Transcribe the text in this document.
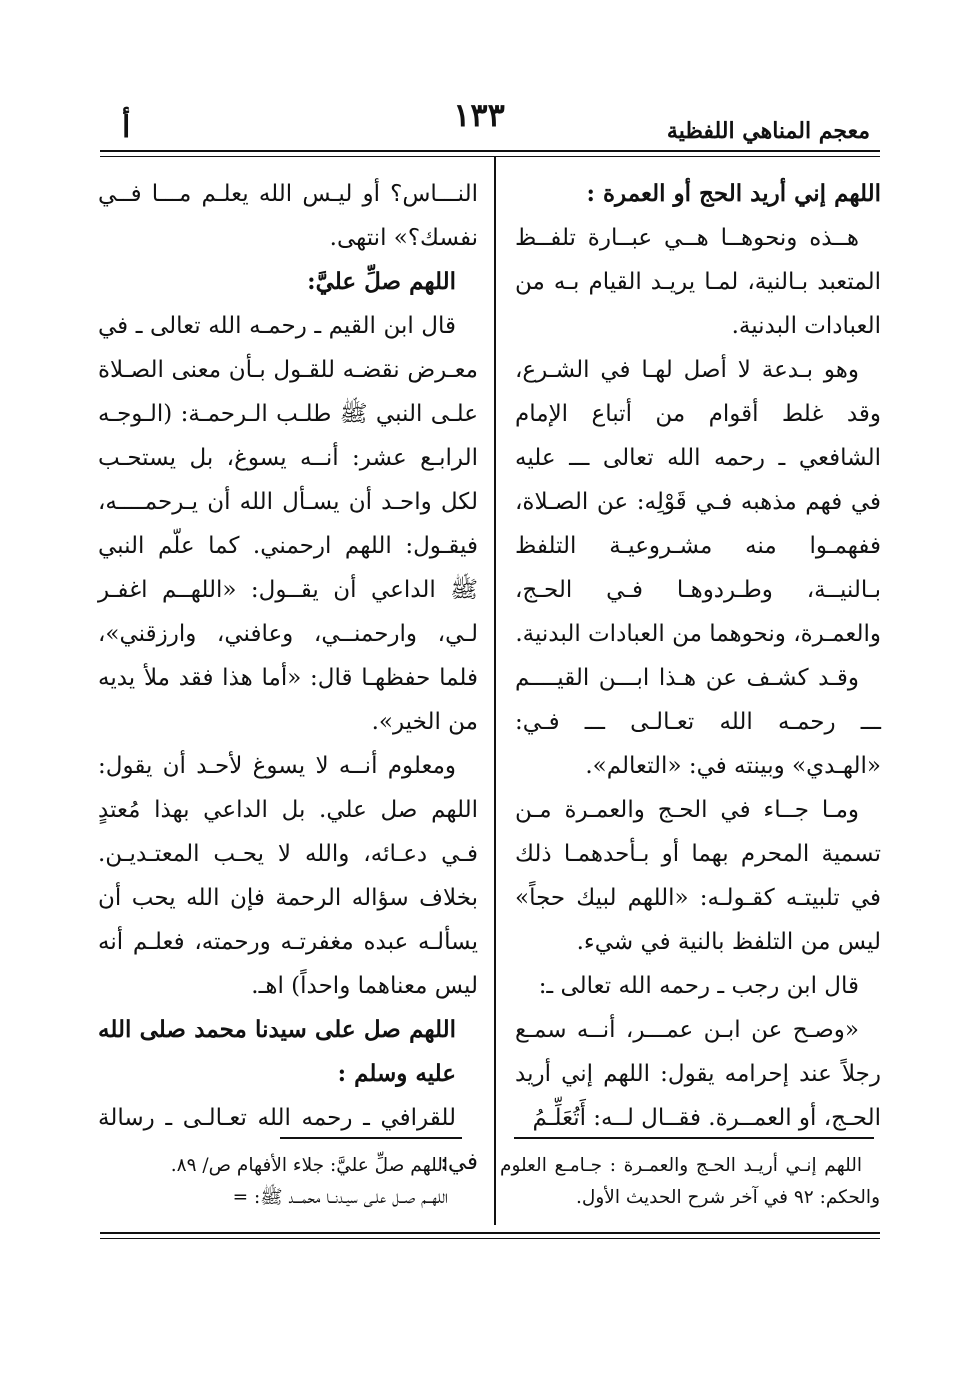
معجم المناهي اللفظية
١٣٣
أ

اللهم إني أريد الحج أو العمرة :

هــذه ونحوهــا هــي عبــارة تلفــظ المتعبد بـالنية، لمـا يريـد القيام بـه من العبادات البدنية.

وهو بـدعة لا أصل لهـا في الشـرع، وقد غلط أقوام من أتباع الإمام الشافعي ـ رحمه الله تعالى ـــ عليه في فهم مذهبه فـي قَوْلِه: عن الصـلاة، ففهمـوا منه مشـروعيـة التلفظ بـالنيــة، وطـردوهـا فـي الحـج، والعمـرة، ونحوهما من العبادات البدنية.

وقـد كشـف عن هـذا ابـــن القيــــم ـــ رحمـه الله تعـالـى ـــ فـي: «الهـدي» وبينته في: «التعالم».

ومـا جــاء في الحـج والعمـرة مـن تسمية المحرم بهما أو بـأحدهمـا ذلك في تلبيتـه كقـولـه: «اللهم لبيك حجاً» ليس من التلفظ بالنية في شيء.

قال ابن رجب ـ رحمه الله تعالى ـ:

«وصـح عن ابـن عمـــر، أنــه سمـع رجلاً عند إحرامه يقول: اللهم إني أريد الحـج، أو العمــرة. فقــال لــه: أَتُعَلِّـمُ

النـــاس؟ أو ليـس الله يعلـم مـــا فــي نفسك؟» انتهى.

اللهم صلِّ عليَّ:

قال ابن القيم ـ رحمـه الله تعالى ـ في معـرض نقضـه للقـول بـأن معنى الصـلاة علـى النبي ﷺ طلـب الـرحمـة: (الـوجـه الرابـع عشر: أنــه يسوغ، بل يستحـب لكل واحـد أن يسـأل الله أن يـرحمــــه، فيقـول: اللهم ارحمني. كما علّم النبي ﷺ الداعي أن يقــول: «اللهــم اغفـر لـي، وارحمنــي، وعافني، وارزقني»، فلما حفظهـا قال: «أما هذا فقد ملأ يديه من الخير».

ومعلوم أنــه لا يسوغ لأحـد أن يقول: اللهم صل علي. بل الداعي بهذا مُعتدٍ فـي دعـائه، والله لا يحـب المعتـديـن. بخلاف سؤاله الرحمة فإن الله يحب أن يسألـه عبده مغفرتـه ورحمته، فعلـم أنه ليس معناهما واحداً) اهـ.

اللهم صل على سيدنا محمد صلى الله عليه وسلم :

للقرافي ـ رحمه الله تعـالـى ـ رسالة في: اللهم إنـي أريـد الحـج والعمـرة : جـامـع العلوم والحكم: ٩٢ في آخر شرح الحديث الأول.

اللهم صلِّ عليَّ: جلاء الأفهام ص/ ٨٩.

اللهــم صــل علـى سيـدنــا محمـــد ﷺ: =
